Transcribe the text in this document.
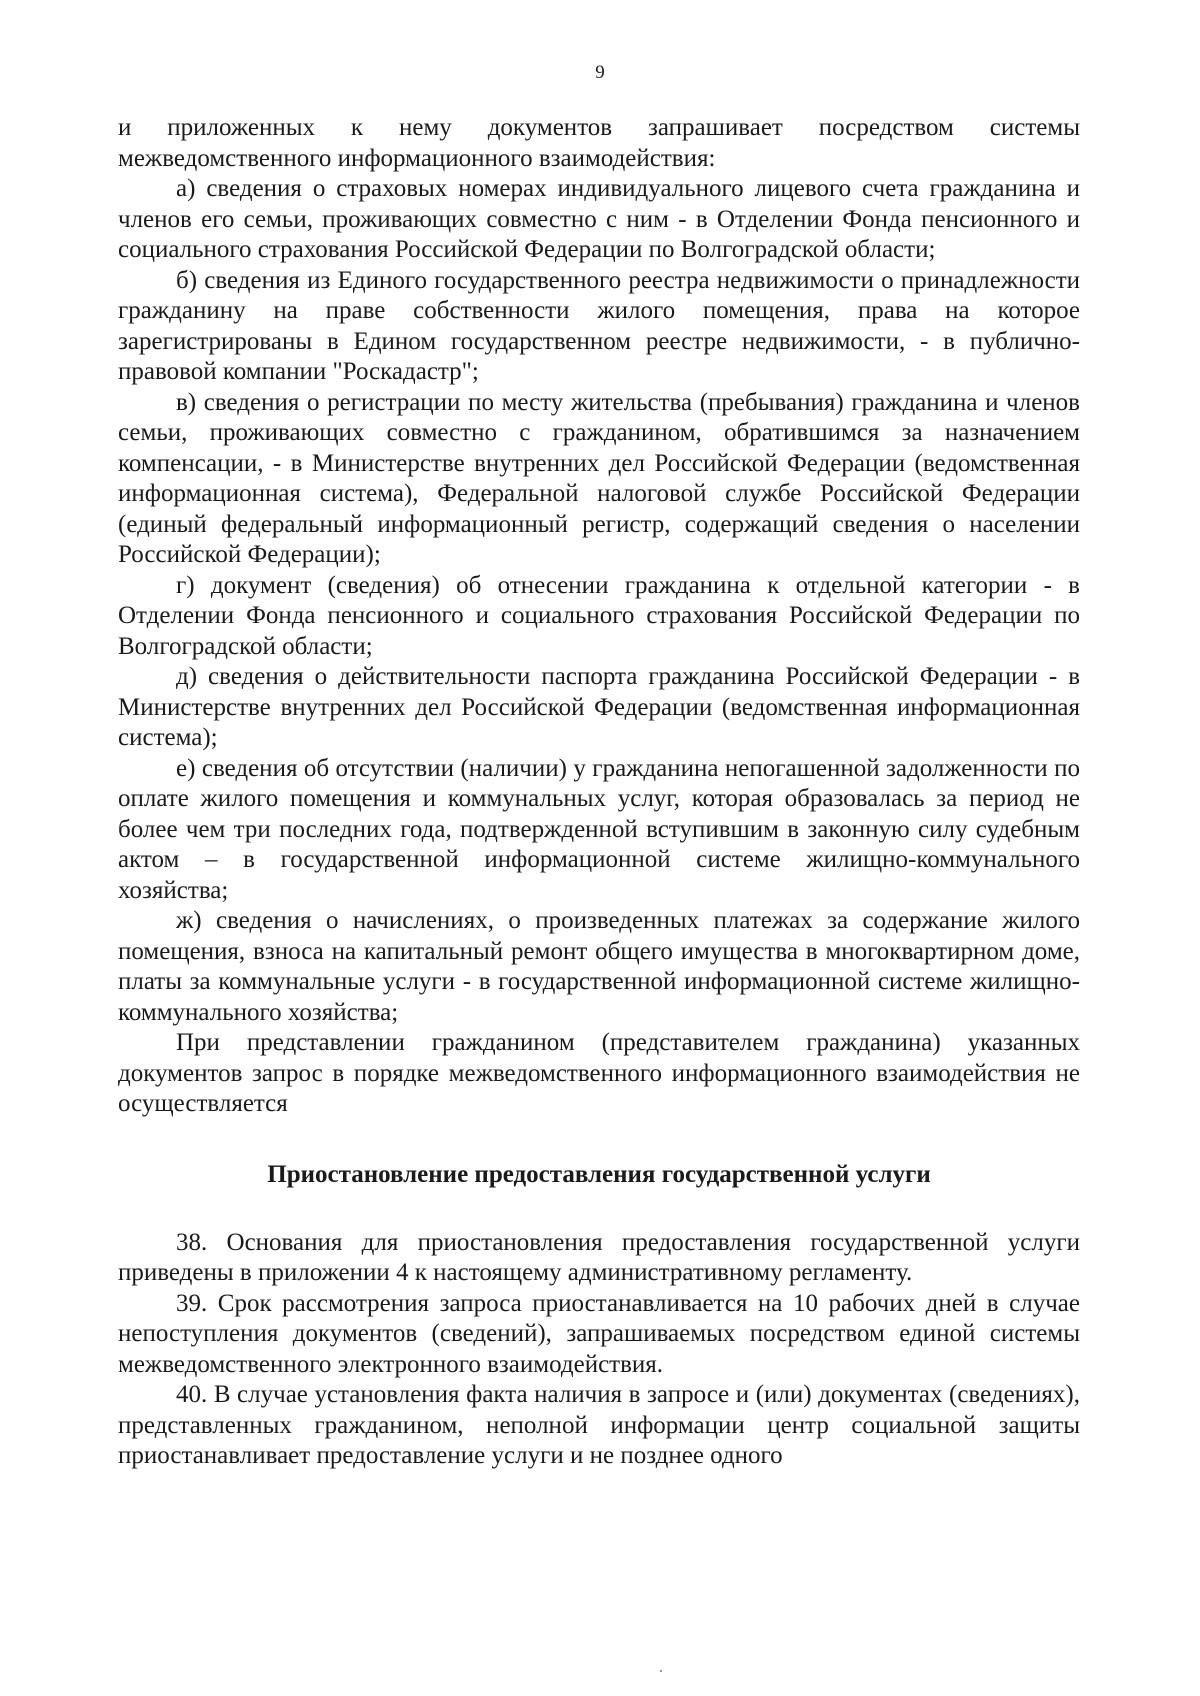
9

и приложенных к нему документов запрашивает посредством системы межведомственного информационного взаимодействия:

а) сведения о страховых номерах индивидуального лицевого счета гражданина и членов его семьи, проживающих совместно с ним - в Отделении Фонда пенсионного и социального страхования Российской Федерации по Волгоградской области;

б) сведения из Единого государственного реестра недвижимости о принадлежности гражданину на праве собственности жилого помещения, права на которое зарегистрированы в Едином государственном реестре недвижимости, - в публично-правовой компании "Роскадастр";

в) сведения о регистрации по месту жительства (пребывания) гражданина и членов семьи, проживающих совместно с гражданином, обратившимся за назначением компенсации, - в Министерстве внутренних дел Российской Федерации (ведомственная информационная система), Федеральной налоговой службе Российской Федерации (единый федеральный информационный регистр, содержащий сведения о населении Российской Федерации);

г) документ (сведения) об отнесении гражданина к отдельной категории - в Отделении Фонда пенсионного и социального страхования Российской Федерации по Волгоградской области;

д) сведения о действительности паспорта гражданина Российской Федерации - в Министерстве внутренних дел Российской Федерации (ведомственная информационная система);

е) сведения об отсутствии (наличии) у гражданина непогашенной задолженности по оплате жилого помещения и коммунальных услуг, которая образовалась за период не более чем три последних года, подтвержденной вступившим в законную силу судебным актом – в государственной информационной системе жилищно-коммунального хозяйства;

ж) сведения о начислениях, о произведенных платежах за содержание жилого помещения, взноса на капитальный ремонт общего имущества в многоквартирном доме, платы за коммунальные услуги - в государственной информационной системе жилищно-коммунального хозяйства;

При представлении гражданином (представителем гражданина) указанных документов запрос в порядке межведомственного информационного взаимодействия не осуществляется

Приостановление предоставления государственной услуги

38. Основания для приостановления предоставления государственной услуги приведены в приложении 4 к настоящему административному регламенту.

39. Срок рассмотрения запроса приостанавливается на 10 рабочих дней в случае непоступления документов (сведений), запрашиваемых посредством единой системы межведомственного электронного взаимодействия.

40. В случае установления факта наличия в запросе и (или) документах (сведениях), представленных гражданином, неполной информации центр социальной защиты приостанавливает предоставление услуги и не позднее одного
